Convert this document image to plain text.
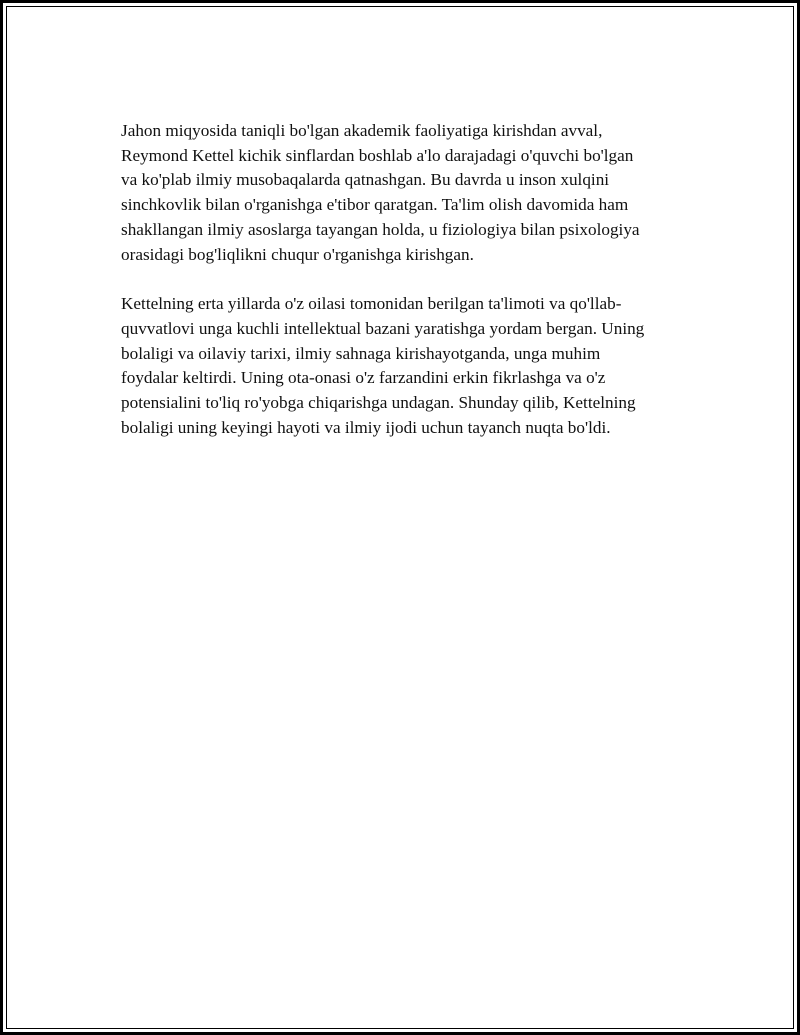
Jahon miqyosida taniqli bo'lgan akademik faoliyatiga kirishdan avval,
Reymond Kettel kichik sinflardan boshlab a'lo darajadagi o'quvchi bo'lgan
va ko'plab ilmiy musobaqalarda qatnashgan. Bu davrda u inson xulqini
sinchkovlik bilan o'rganishga e'tibor qaratgan. Ta'lim olish davomida ham
shakllangan ilmiy asoslarga tayangan holda, u fiziologiya bilan psixologiya
orasidagi bog'liqlikni chuqur o'rganishga kirishgan.

Kettelning erta yillarda o'z oilasi tomonidan berilgan ta'limoti va qo'llab-
quvvatlovi unga kuchli intellektual bazani yaratishga yordam bergan. Uning
bolaligi va oilaviy tarixi, ilmiy sahnaga kirishayotganda, unga muhim
foydalar keltirdi. Uning ota-onasi o'z farzandini erkin fikrlashga va o'z
potensialini to'liq ro'yobga chiqarishga undagan. Shunday qilib, Kettelning
bolaligi uning keyingi hayoti va ilmiy ijodi uchun tayanch nuqta bo'ldi.
